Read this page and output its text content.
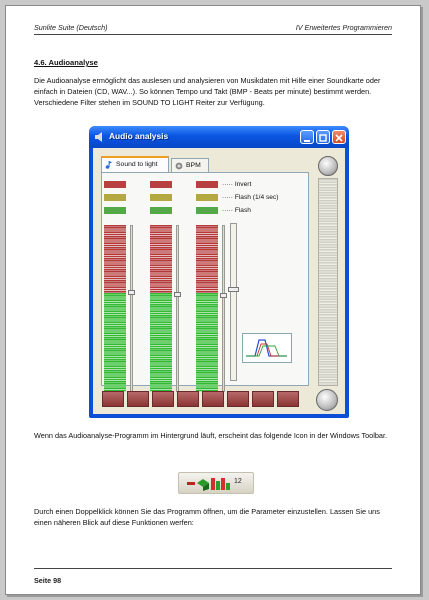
Sunlite Suite (Deutsch)	IV Erweitertes Programmieren
4.6. Audioanalyse
Die Audioanalyse ermöglicht das auslesen und analysieren von Musikdaten mit Hilfe einer Soundkarte oder einfach in Dateien (CD, WAV...). So können Tempo und Takt (BMP - Beats per minute) bestimmt werden. Verschiedene Filter stehen im SOUND TO LIGHT Reiter zur Verfügung.
Audio analysis
Sound to light	BPM
····· Invert
····· Flash (1/4 sec)
····· Flash
Wenn das Audioanalyse-Programm im Hintergrund läuft, erscheint das folgende Icon in der Windows Toolbar.
12
Durch einen Doppelklick können Sie das Programm öffnen, um die Parameter einzustellen. Lassen Sie uns einen näheren Blick auf diese Funktionen werfen:
Seite 98
